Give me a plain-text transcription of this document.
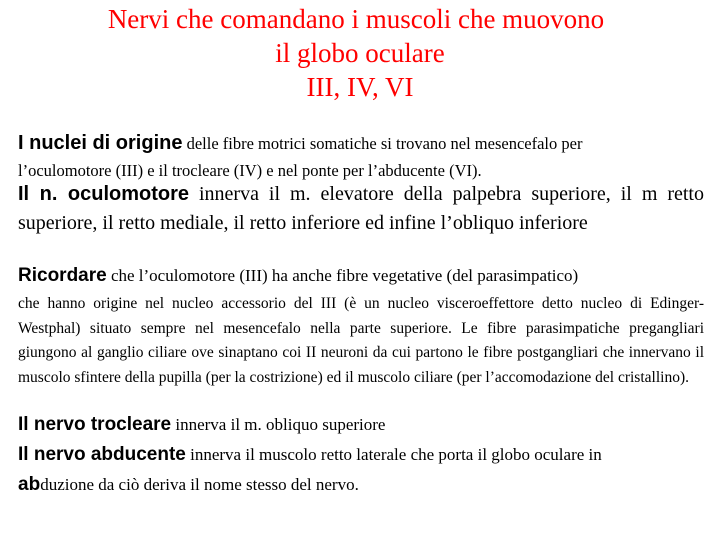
Nervi che comandano i muscoli che muovono
il globo oculare
III, IV, VI
I nuclei di origine delle fibre motrici somatiche si trovano nel mesencefalo per
l’oculomotore (III) e il trocleare (IV) e nel ponte per l’abducente (VI).
Il n. oculomotore innerva il m. elevatore della palpebra superiore, il m retto superiore, il retto mediale, il retto inferiore ed infine l’obliquo inferiore
Ricordare che l’oculomotore (III) ha anche fibre vegetative (del parasimpatico)
che hanno origine nel nucleo accessorio del III (è un nucleo visceroeffettore detto nucleo di Edinger-Westphal) situato sempre nel mesencefalo nella parte superiore. Le fibre parasimpatiche pregangliari giungono al ganglio ciliare ove sinaptano coi II neuroni da cui partono le fibre postgangliari che innervano il muscolo sfintere della pupilla (per la costrizione) ed il muscolo ciliare (per l’accomodazione del cristallino).
Il nervo trocleare innerva il m. obliquo superiore
Il nervo abducente innerva il muscolo retto laterale che porta il globo oculare in
abduzione da ciò deriva il nome stesso del nervo.
